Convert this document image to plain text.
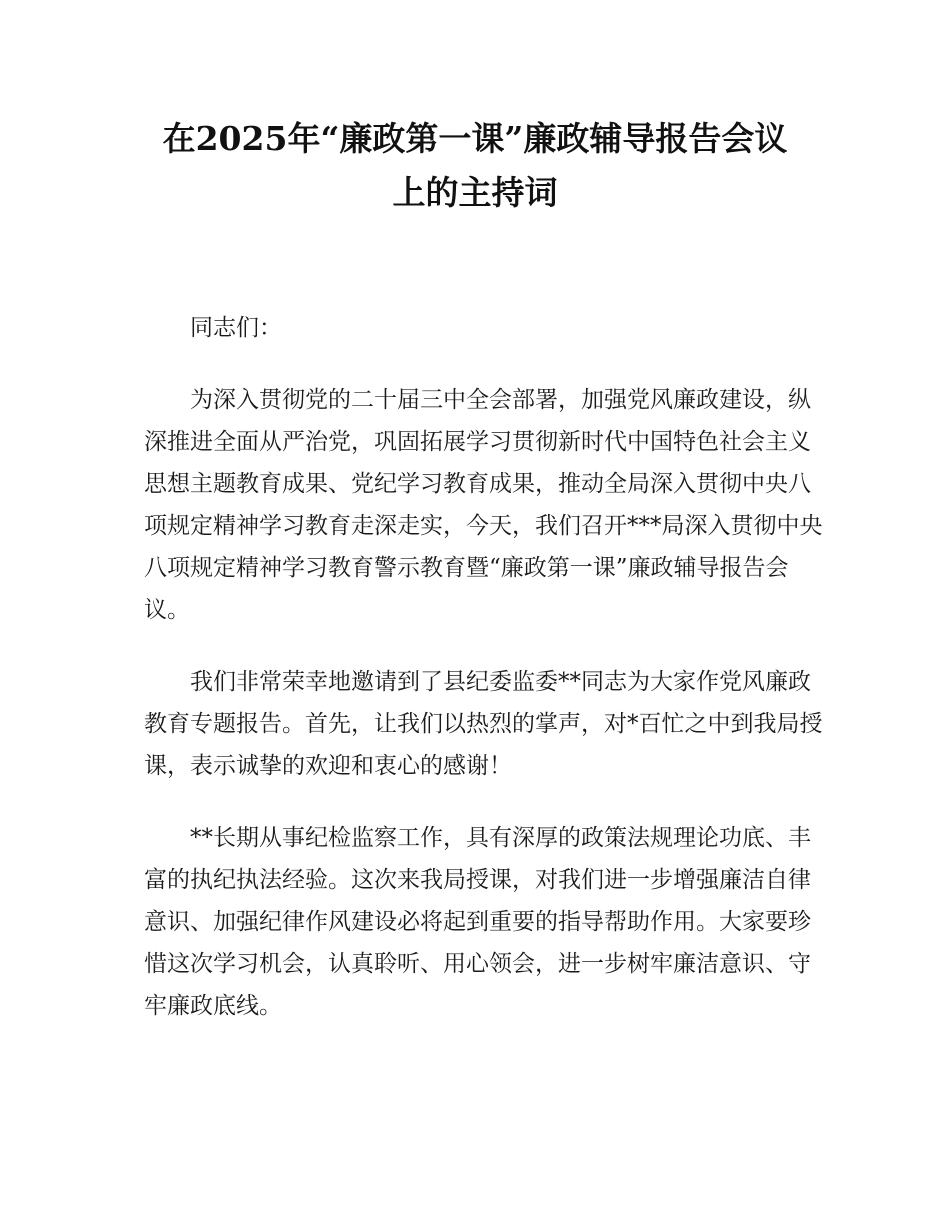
在2025年“廉政第一课”廉政辅导报告会议
上的主持词

同志们：

为深入贯彻党的二十届三中全会部署，加强党风廉政建设，纵深推进全面从严治党，巩固拓展学习贯彻新时代中国特色社会主义思想主题教育成果、党纪学习教育成果，推动全局深入贯彻中央八项规定精神学习教育走深走实，今天，我们召开***局深入贯彻中央八项规定精神学习教育警示教育暨“廉政第一课”廉政辅导报告会议。

我们非常荣幸地邀请到了县纪委监委**同志为大家作党风廉政教育专题报告。首先，让我们以热烈的掌声，对*百忙之中到我局授课，表示诚挚的欢迎和衷心的感谢！

**长期从事纪检监察工作，具有深厚的政策法规理论功底、丰富的执纪执法经验。这次来我局授课，对我们进一步增强廉洁自律意识、加强纪律作风建设必将起到重要的指导帮助作用。大家要珍惜这次学习机会，认真聆听、用心领会，进一步树牢廉洁意识、守牢廉政底线。
